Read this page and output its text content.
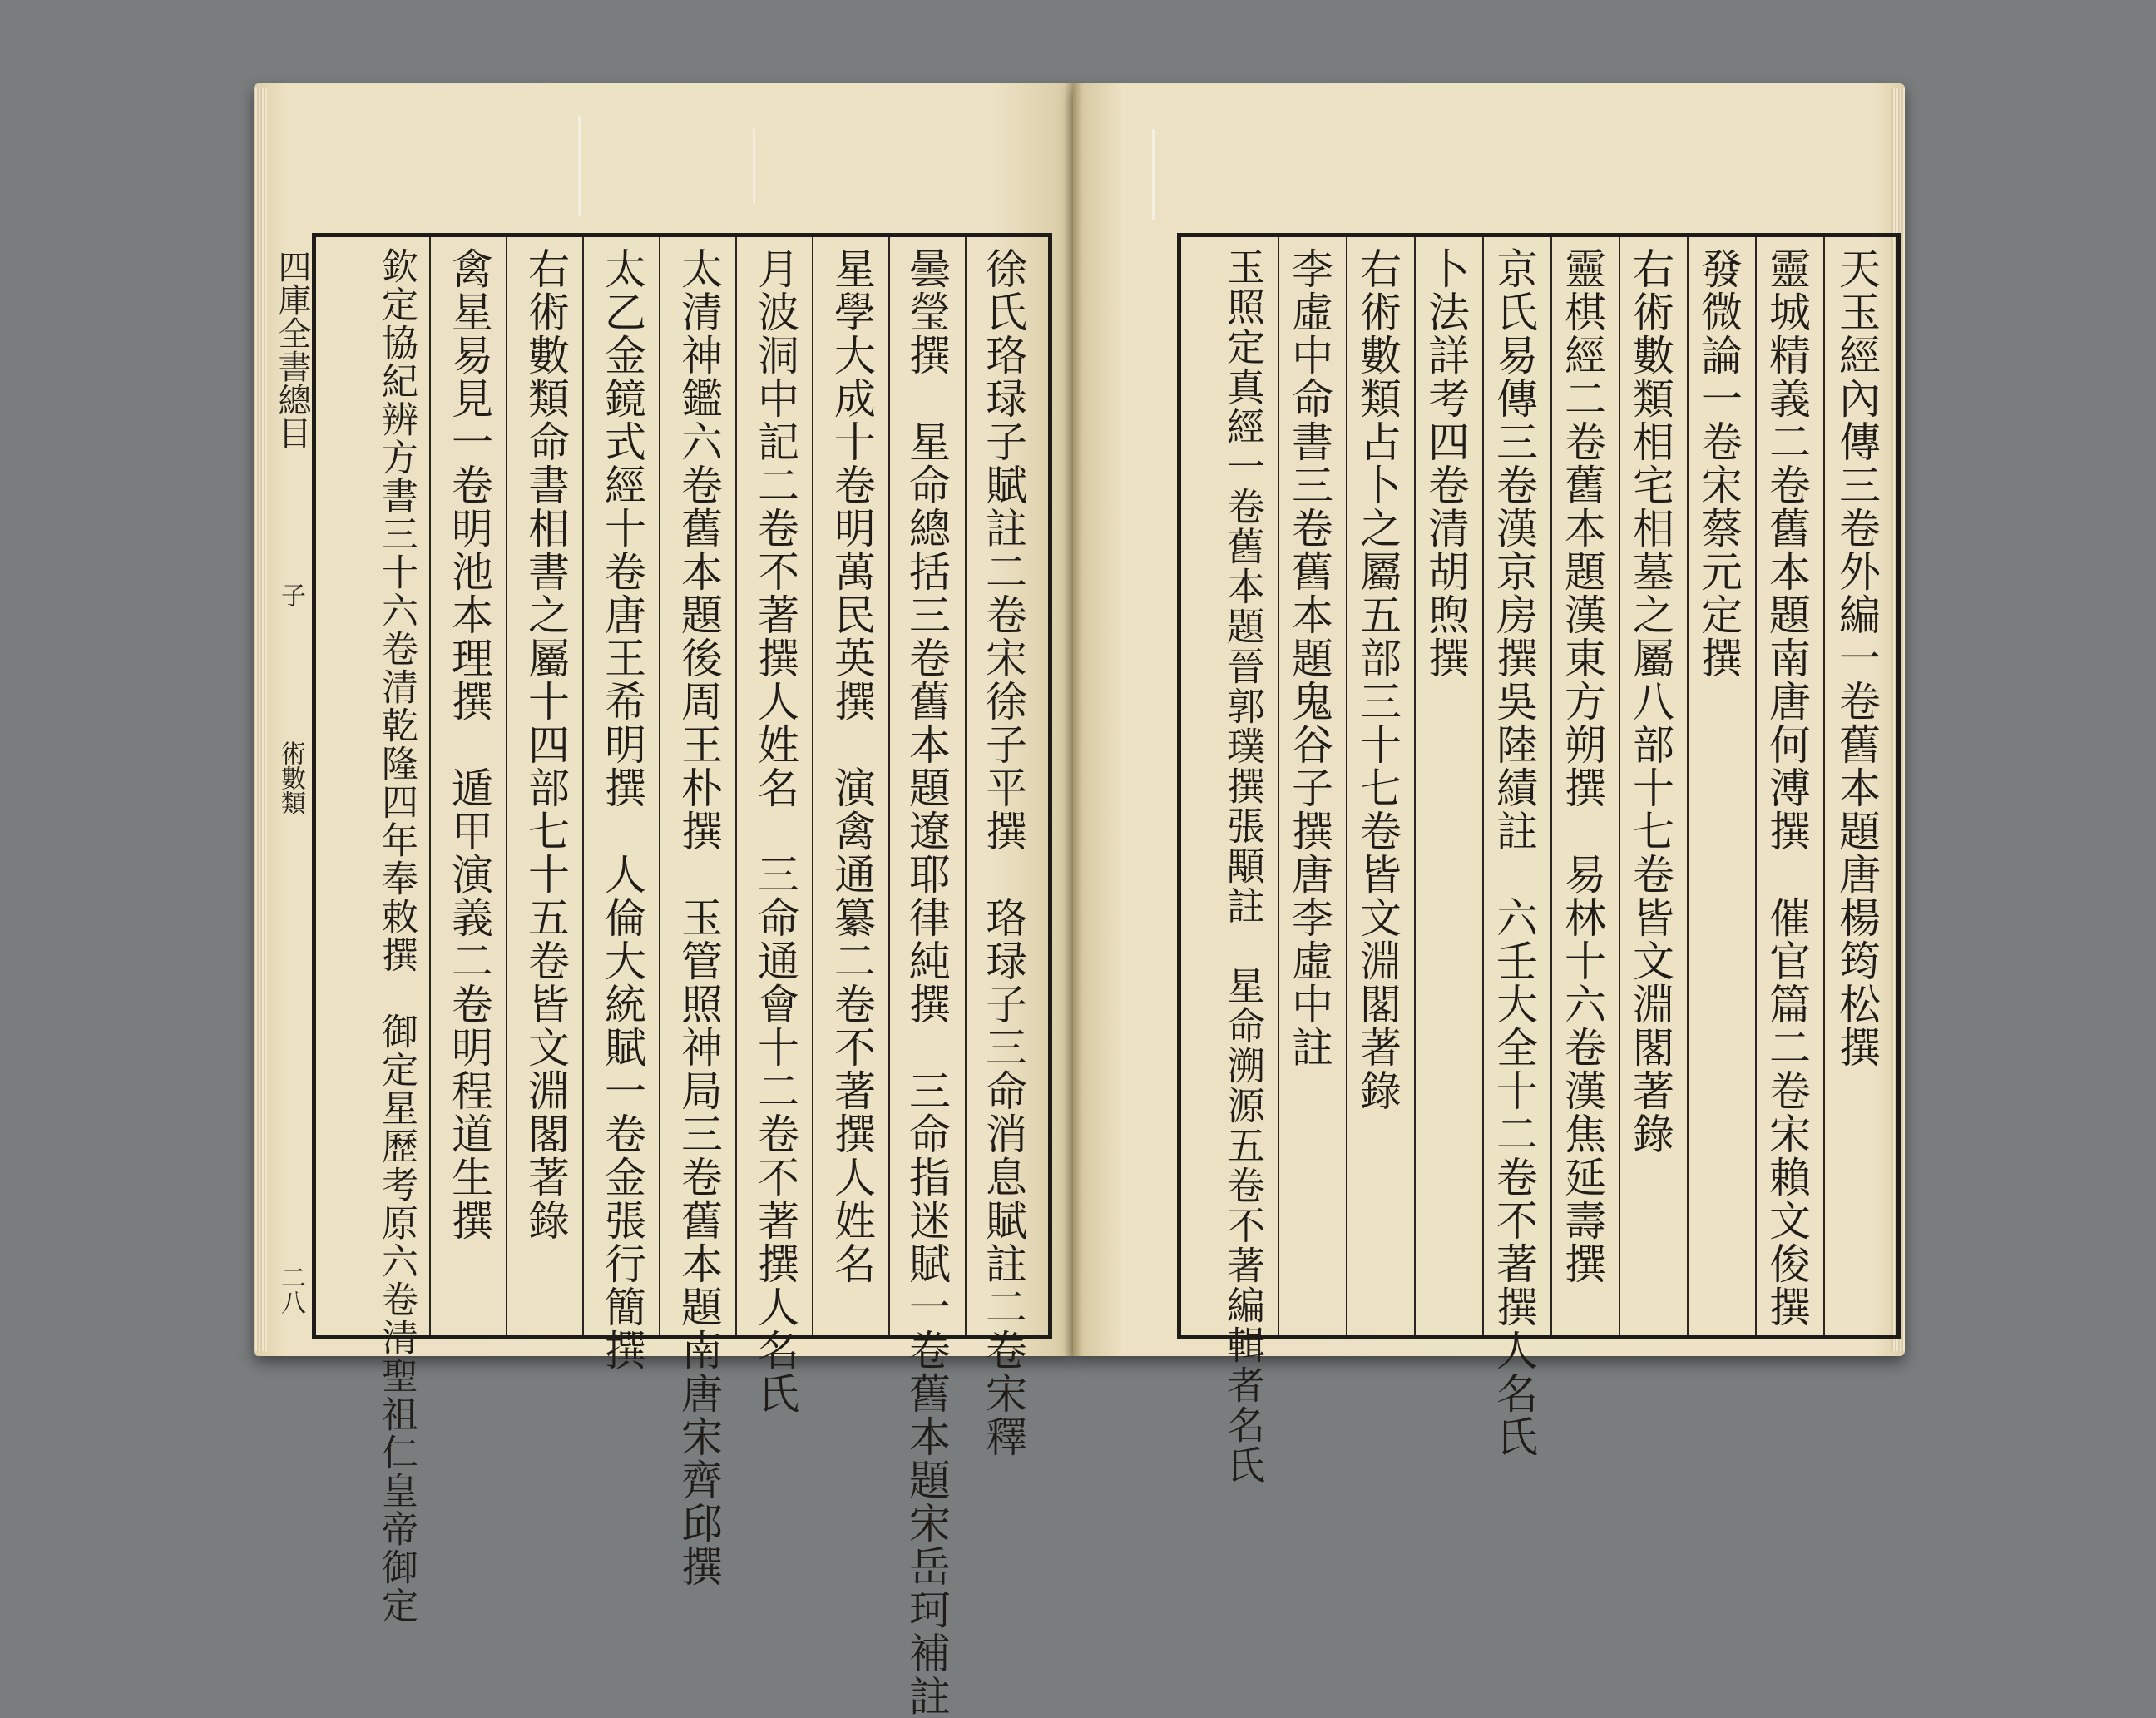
徐氏珞琭子賦註二卷宋徐子平撰　珞琭子三命消息賦註二卷宋釋
曇瑩撰　星命總括三卷舊本題遼耶律純撰　三命指迷賦一卷舊本題宋岳珂補註
星學大成十卷明萬民英撰　演禽通纂二卷不著撰人姓名
月波洞中記二卷不著撰人姓名　三命通會十二卷不著撰人名氏
太清神鑑六卷舊本題後周王朴撰　玉管照神局三卷舊本題南唐宋齊邱撰
太乙金鏡式經十卷唐王希明撰　人倫大統賦一卷金張行簡撰
右術數類命書相書之屬十四部七十五卷皆文淵閣著錄
禽星易見一卷明池本理撰　遁甲演義二卷明程道生撰
欽定協紀辨方書三十六卷清乾隆四年奉敕撰　御定星歷考原六卷清聖祖仁皇帝御定
四庫全書總目
子
術數類
二八
天玉經內傳三卷外編一卷舊本題唐楊筠松撰
靈城精義二卷舊本題南唐何溥撰　催官篇二卷宋賴文俊撰
發微論一卷宋蔡元定撰
右術數類相宅相墓之屬八部十七卷皆文淵閣著錄
靈棋經二卷舊本題漢東方朔撰　易林十六卷漢焦延壽撰
京氏易傳三卷漢京房撰吳陸績註　六壬大全十二卷不著撰人名氏
卜法詳考四卷清胡煦撰
右術數類占卜之屬五部三十七卷皆文淵閣著錄
李虛中命書三卷舊本題鬼谷子撰唐李虛中註
玉照定真經一卷舊本題晉郭璞撰張顒註　星命溯源五卷不著編輯者名氏
